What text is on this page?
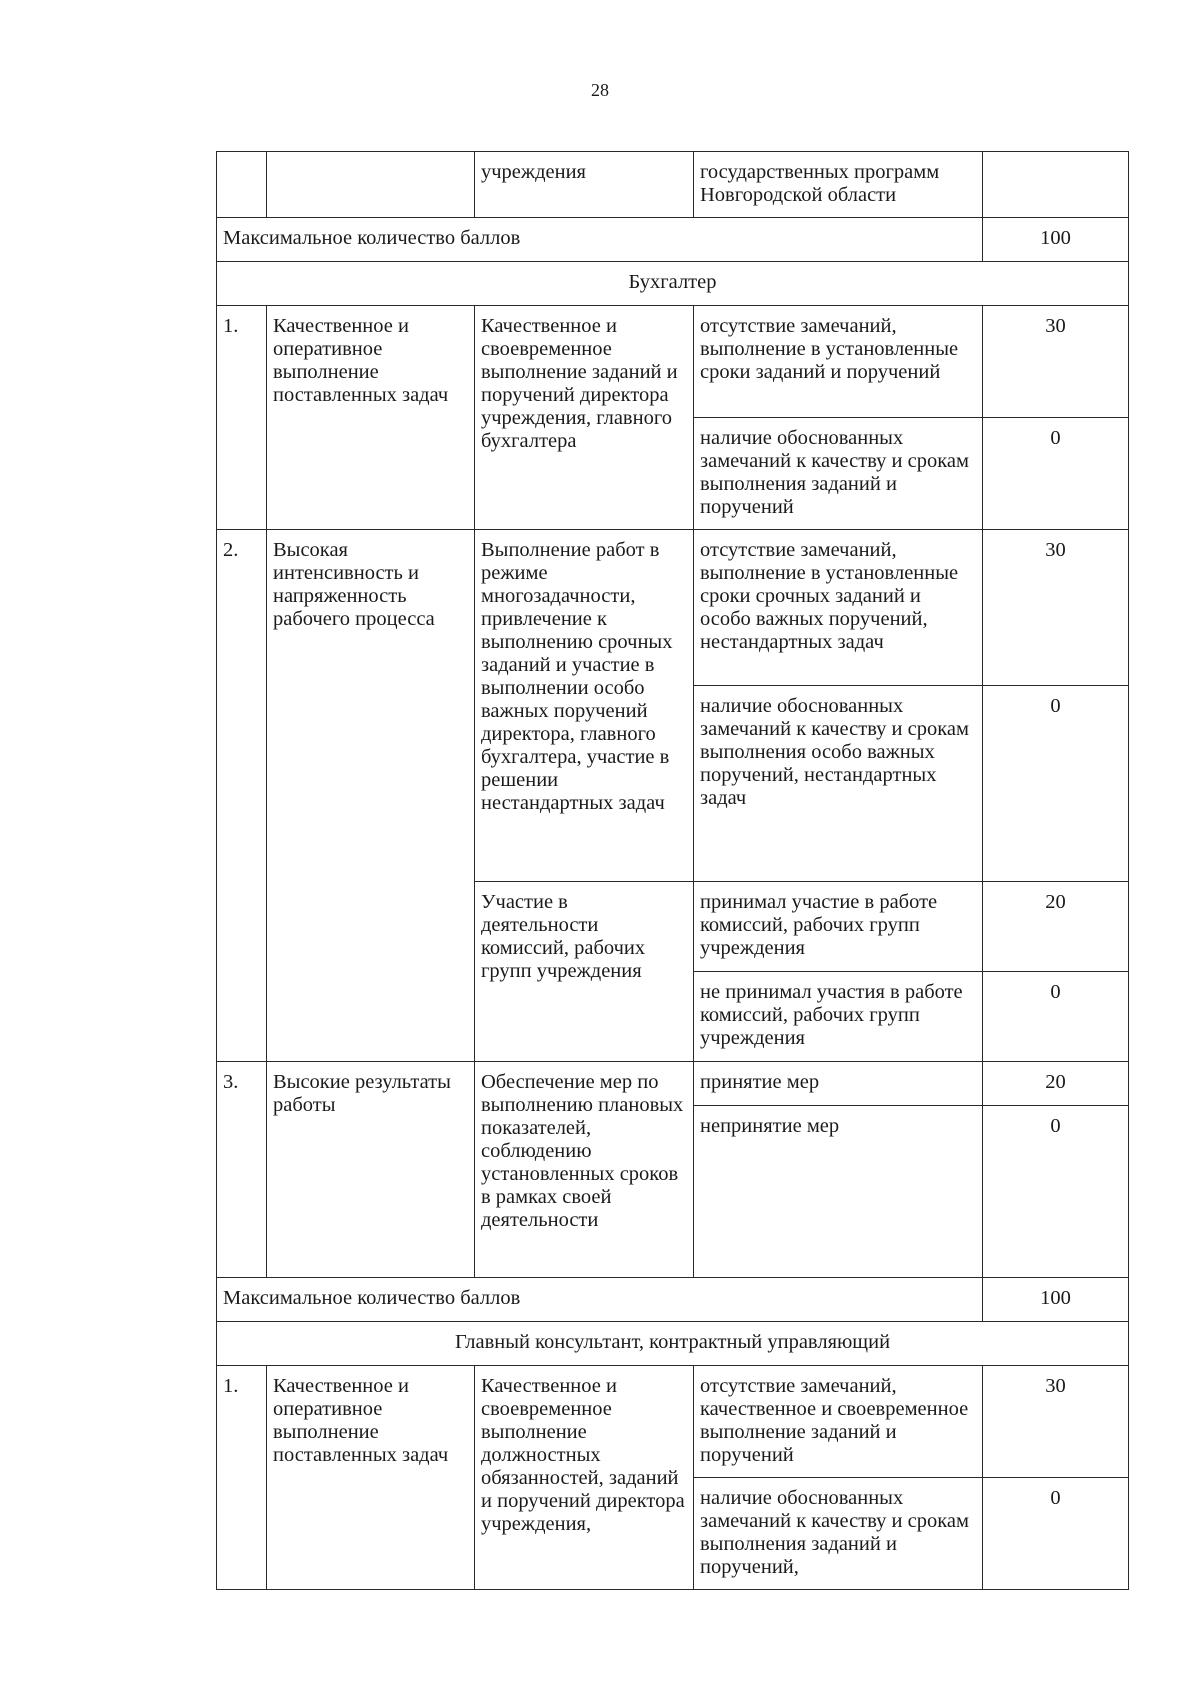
28
		учреждения	государственных программ Новгородской области	
Максимальное количество баллов				100
Бухгалтер				
1.	Качественное и оперативное выполнение поставленных задач	Качественное и своевременное выполнение заданий и поручений директора учреждения, главного бухгалтера	отсутствие замечаний, выполнение в установленные сроки заданий и поручений	30
			наличие обоснованных замечаний к качеству и срокам выполнения заданий и поручений	0
2.	Высокая интенсивность и напряженность рабочего процесса	Выполнение работ в режиме многозадачности, привлечение к выполнению срочных заданий и участие в выполнении особо важных поручений директора, главного бухгалтера, участие в решении нестандартных задач	отсутствие замечаний, выполнение в установленные сроки срочных заданий и особо важных поручений, нестандартных задач	30
			наличие обоснованных замечаний к качеству и срокам выполнения особо важных поручений, нестандартных задач	0
		Участие в деятельности комиссий, рабочих групп учреждения	принимал участие в работе комиссий, рабочих групп учреждения	20
			не принимал участия в работе комиссий, рабочих групп учреждения	0
3.	Высокие результаты работы	Обеспечение мер по выполнению плановых показателей, соблюдению установленных сроков в рамках своей деятельности	принятие мер	20
			непринятие мер	0
Максимальное количество баллов				100
Главный консультант, контрактный управляющий				
1.	Качественное и оперативное выполнение поставленных задач	Качественное и своевременное выполнение должностных обязанностей, заданий и поручений директора учреждения,	отсутствие замечаний, качественное и своевременное выполнение заданий и поручений	30
			наличие обоснованных замечаний к качеству и срокам выполнения заданий и поручений,	0
